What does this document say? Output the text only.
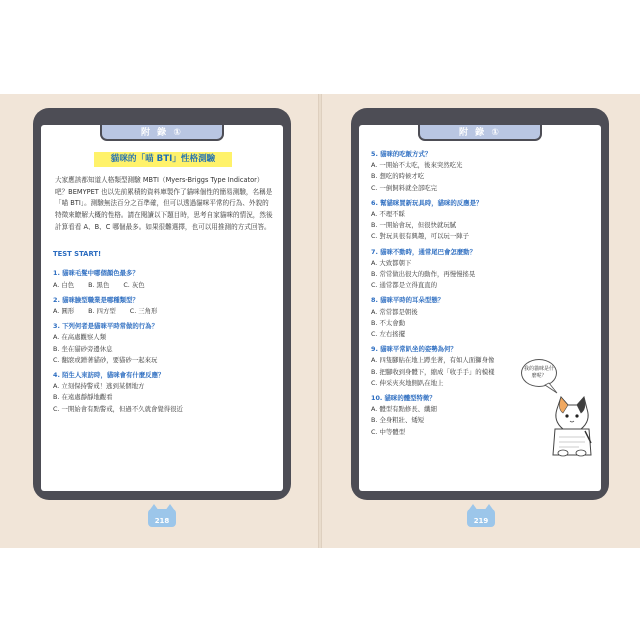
附 錄 ①
貓咪的「喵 BTI」性格測驗
大家應該都知道人格類型測驗 MBTI（Myers-Briggs Type Indicator）吧？BEMYPET 也以先前累積的資料庫製作了貓咪個性的簡易測驗，名稱是「喵 BTI」。測驗無法百分之百準確，但可以透過貓咪平常的行為、外貌的特徵來瞭解大概的性格。請在閱讀以下題目時，思考自家貓咪的情況，然後計算看看 A、B、C 哪個最多。如果很難選擇，也可以用推測的方式回答。
TEST START!
1. 貓咪毛髮中哪個顏色最多？
A. 白色 B. 黑色 C. 灰色
2. 貓咪臉型職業是哪種類型？
A. 圓形 B. 四方型 C. 三角形
3. 下列何者是貓咪平時常做的行為？
A. 在高處觀察人類
B. 坐在貓砂旁邊休息
C. 翻滾或蹭著貓砂，要貓砂一起來玩
4. 陌生人來訪時，貓咪會有什麼反應？
A. 立刻保持警戒！逃到某個地方
B. 在遠處靜靜地觀看
C. 一開始會有點警戒，但過不久就會覺得很近
218
附 錄 ①
5. 貓咪的吃飯方式？
A. 一開始不太吃，後來突然吃光
B. 想吃的時候才吃
C. 一倒飼料就全部吃完
6. 幫貓咪買新玩具時，貓咪的反應是？
A. 不理不睬
B. 一開始會玩，但很快就玩膩
C. 對玩具很有興趣，可以玩一陣子
7. 貓咪不動時，通常尾巴會怎麼動？
A. 大致都朝下
B. 常常做出很大的動作，再慢慢搖晃
C. 通常都是立得直直的
8. 貓咪平時的耳朵型態？
A. 常常都是朝後
B. 不太會動
C. 左右搖擺
9. 貓咪平常趴坐的姿勢為何？
A. 四隻腳貼在地上蹲坐著，有如人面獅身像
B. 把腳收到身體下，縮成「收手手」的模樣
C. 伸采夾夾地側趴在地上
10. 貓咪的體型特徵？
A. 體型有點修長、纖細
B. 全身粗壯、矮短
C. 中等體型
我的貓咪是什麼呢？
219
